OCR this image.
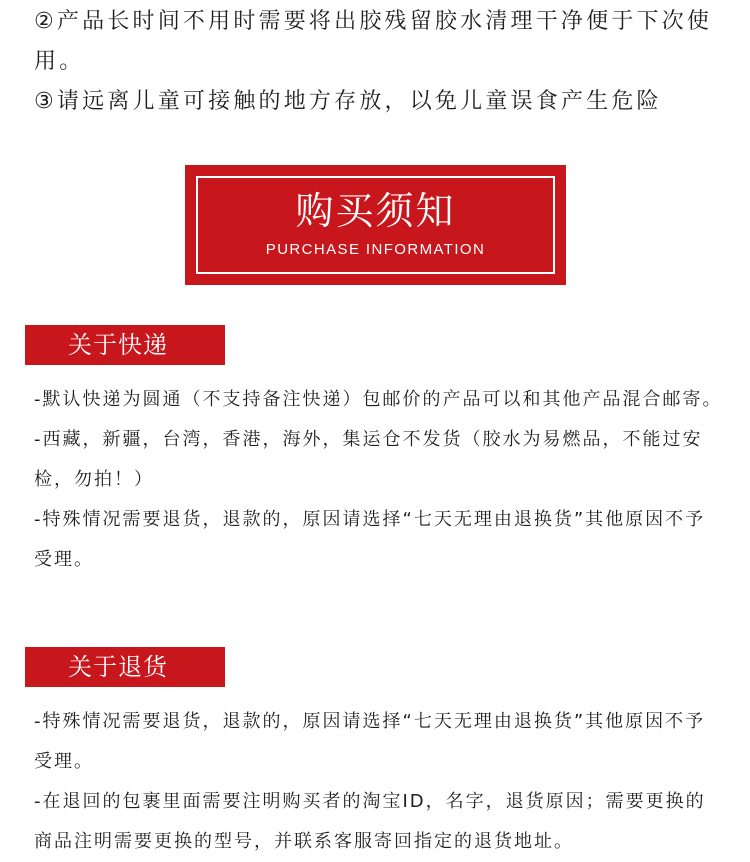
②产品长时间不用时需要将出胶残留胶水清理干净便于下次使用。

③请远离儿童可接触的地方存放，以免儿童误食产生危险

购买须知
PURCHASE INFORMATION
关于快递

-默认快递为圆通（不支持备注快递）包邮价的产品可以和其他产品混合邮寄。

-西藏，新疆，台湾，香港，海外，集运仓不发货（胶水为易燃品，不能过安检，勿拍！）

-特殊情况需要退货，退款的，原因请选择“七天无理由退换货”其他原因不予受理。

关于退货

-特殊情况需要退货，退款的，原因请选择“七天无理由退换货”其他原因不予受理。

-在退回的包裹里面需要注明购买者的淘宝ID，名字，退货原因；需要更换的商品注明需要更换的型号，并联系客服寄回指定的退货地址。
